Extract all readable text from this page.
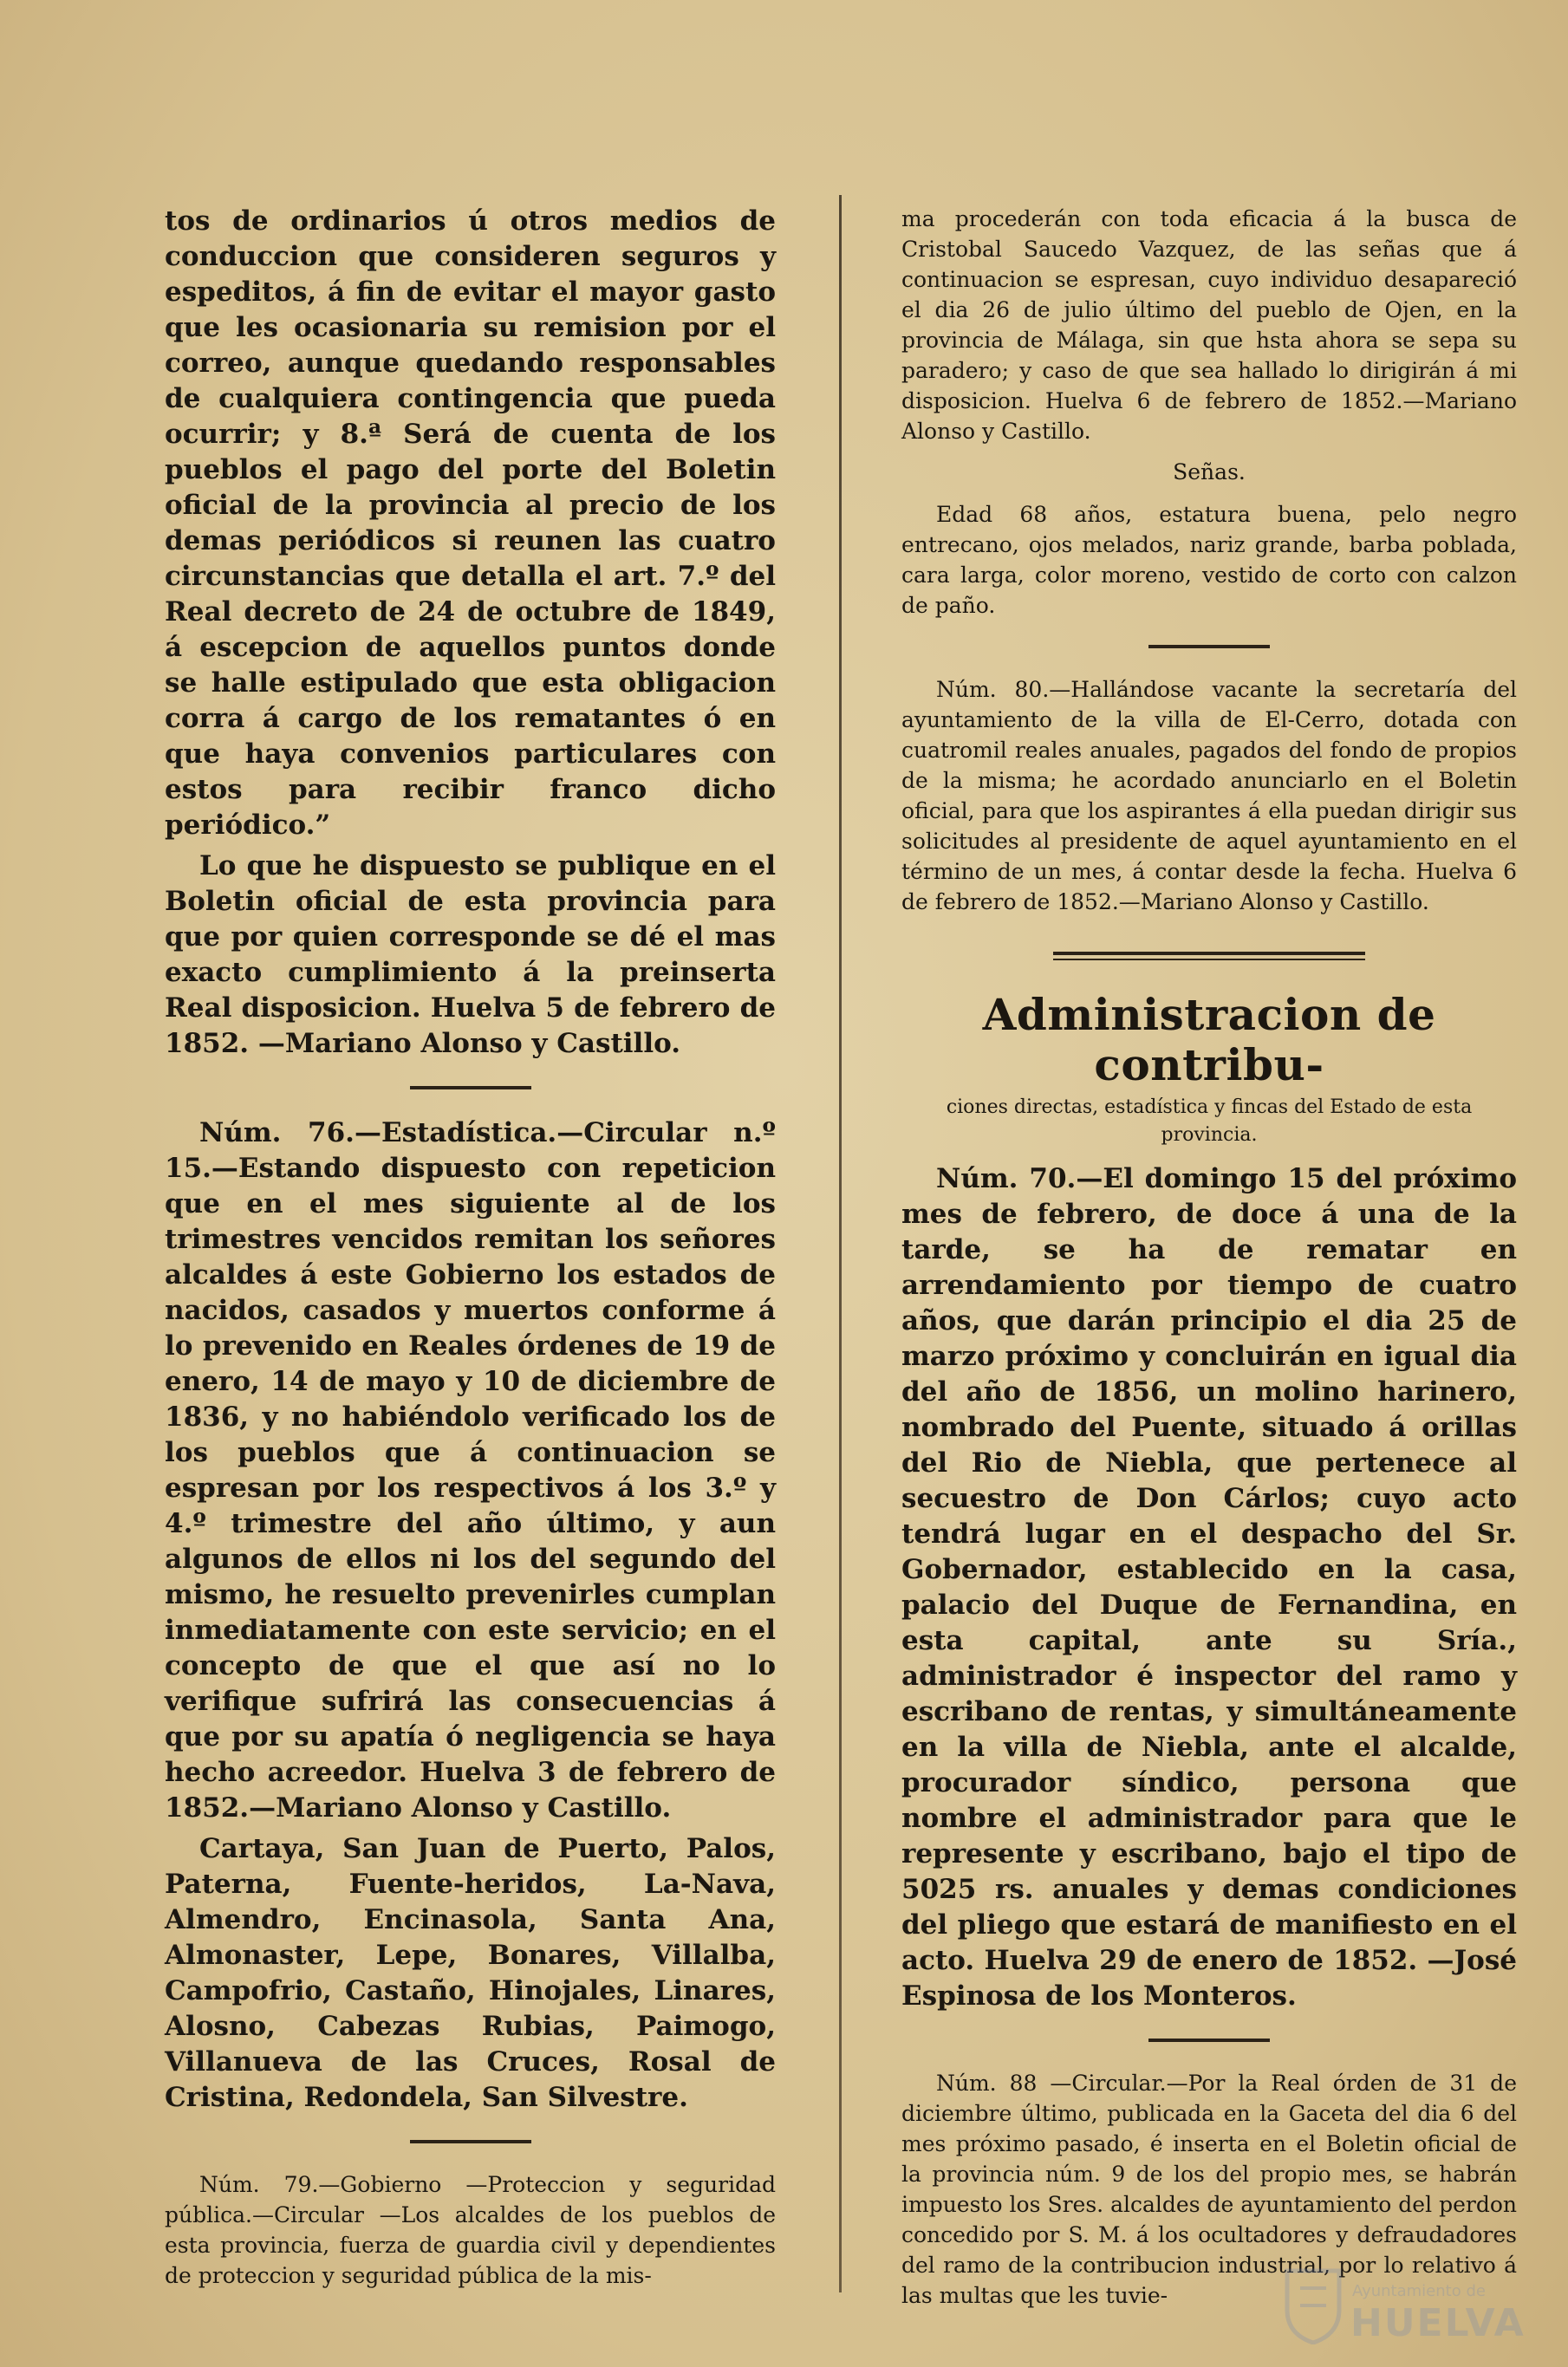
tos de ordinarios ú otros medios de conduccion que consideren seguros y espeditos, á fin de evitar el mayor gasto que les ocasionaria su remision por el correo, aunque quedando responsables de cualquiera contingencia que pueda ocurrir; y 8.ª Será de cuenta de los pueblos el pago del porte del Boletin oficial de la provincia al precio de los demas periódicos si reunen las cuatro circunstancias que detalla el art. 7.º del Real decreto de 24 de octubre de 1849, á escepcion de aquellos puntos donde se halle estipulado que esta obligacion corra á cargo de los rematantes ó en que haya convenios particulares con estos para recibir franco dicho periódico.”

Lo que he dispuesto se publique en el Boletin oficial de esta provincia para que por quien corresponde se dé el mas exacto cumplimiento á la preinserta Real disposicion. Huelva 5 de febrero de 1852. —Mariano Alonso y Castillo.

Núm. 76.—Estadística.—Circular n.º 15.—Estando dispuesto con repeticion que en el mes siguiente al de los trimestres vencidos remitan los señores alcaldes á este Gobierno los estados de nacidos, casados y muertos conforme á lo prevenido en Reales órdenes de 19 de enero, 14 de mayo y 10 de diciembre de 1836, y no habiéndolo verificado los de los pueblos que á continuacion se espresan por los respectivos á los 3.º y 4.º trimestre del año último, y aun algunos de ellos ni los del segundo del mismo, he resuelto prevenirles cumplan inmediatamente con este servicio; en el concepto de que el que así no lo verifique sufrirá las consecuencias á que por su apatía ó negligencia se haya hecho acreedor. Huelva 3 de febrero de 1852.—Mariano Alonso y Castillo.

Cartaya, San Juan de Puerto, Palos, Paterna, Fuente-heridos, La-Nava, Almendro, Encinasola, Santa Ana, Almonaster, Lepe, Bonares, Villalba, Campofrio, Castaño, Hinojales, Linares, Alosno, Cabezas Rubias, Paimogo, Villanueva de las Cruces, Rosal de Cristina, Redondela, San Silvestre.

Núm. 79.—Gobierno —Proteccion y seguridad pública.—Circular —Los alcaldes de los pueblos de esta provincia, fuerza de guardia civil y dependientes de proteccion y seguridad pública de la mis-

ma procederán con toda eficacia á la busca de Cristobal Saucedo Vazquez, de las señas que á continuacion se espresan, cuyo individuo desapareció el dia 26 de julio último del pueblo de Ojen, en la provincia de Málaga, sin que hsta ahora se sepa su paradero; y caso de que sea hallado lo dirigirán á mi disposicion. Huelva 6 de febrero de 1852.—Mariano Alonso y Castillo.

Señas.

Edad 68 años, estatura buena, pelo negro entrecano, ojos melados, nariz grande, barba poblada, cara larga, color moreno, vestido de corto con calzon de paño.

Núm. 80.—Hallándose vacante la secretaría del ayuntamiento de la villa de El-Cerro, dotada con cuatromil reales anuales, pagados del fondo de propios de la misma; he acordado anunciarlo en el Boletin oficial, para que los aspirantes á ella puedan dirigir sus solicitudes al presidente de aquel ayuntamiento en el término de un mes, á contar desde la fecha. Huelva 6 de febrero de 1852.—Mariano Alonso y Castillo.

Administracion de contribu-
ciones directas, estadística y fincas del Estado de esta provincia.

Núm. 70.—El domingo 15 del próximo mes de febrero, de doce á una de la tarde, se ha de rematar en arrendamiento por tiempo de cuatro años, que darán principio el dia 25 de marzo próximo y concluirán en igual dia del año de 1856, un molino harinero, nombrado del Puente, situado á orillas del Rio de Niebla, que pertenece al secuestro de Don Cárlos; cuyo acto tendrá lugar en el despacho del Sr. Gobernador, establecido en la casa, palacio del Duque de Fernandina, en esta capital, ante su Sría., administrador é inspector del ramo y escribano de rentas, y simultáneamente en la villa de Niebla, ante el alcalde, procurador síndico, persona que nombre el administrador para que le represente y escribano, bajo el tipo de 5025 rs. anuales y demas condiciones del pliego que estará de manifiesto en el acto. Huelva 29 de enero de 1852. —José Espinosa de los Monteros.

Núm. 88 —Circular.—Por la Real órden de 31 de diciembre último, publicada en la Gaceta del dia 6 del mes próximo pasado, é inserta en el Boletin oficial de la provincia núm. 9 de los del propio mes, se habrán impuesto los Sres. alcaldes de ayuntamiento del perdon concedido por S. M. á los ocultadores y defraudadores del ramo de la contribucion industrial, por lo relativo á las multas que les tuvie-	Ayuntamiento de
HUELVA
